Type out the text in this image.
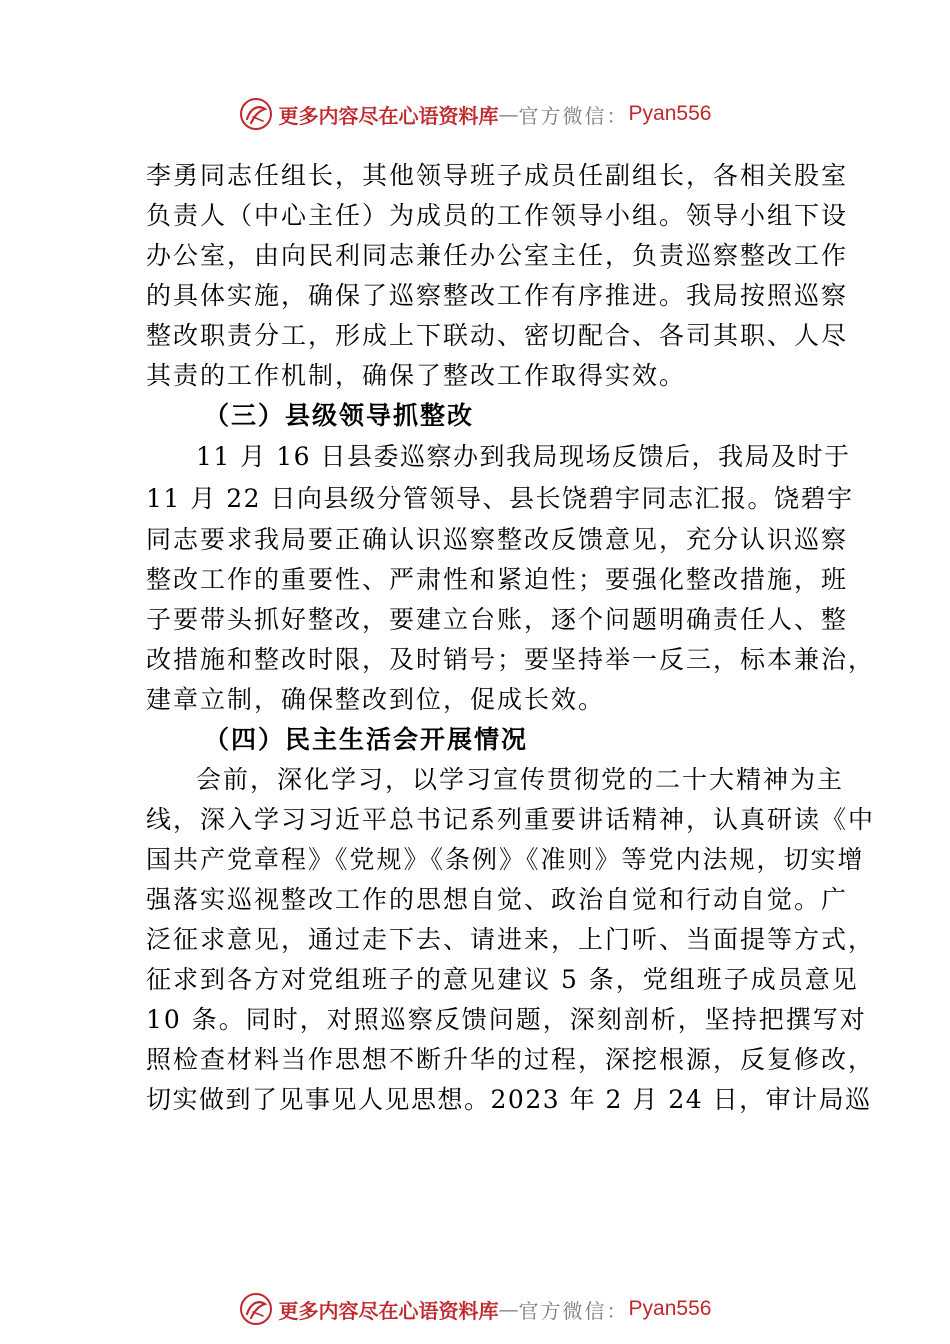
更多内容尽在心语资料库 — 官方微信： Pyan556
李勇同志任组长，其他领导班子成员任副组长，各相关股室
负责人（中心主任）为成员的工作领导小组。领导小组下设
办公室，由向民利同志兼任办公室主任，负责巡察整改工作
的具体实施，确保了巡察整改工作有序推进。我局按照巡察
整改职责分工，形成上下联动、密切配合、各司其职、人尽
其责的工作机制，确保了整改工作取得实效。
（三）县级领导抓整改
11 月 16 日县委巡察办到我局现场反馈后，我局及时于
11 月 22 日向县级分管领导、县长饶碧宇同志汇报。饶碧宇
同志要求我局要正确认识巡察整改反馈意见，充分认识巡察
整改工作的重要性、严肃性和紧迫性；要强化整改措施，班
子要带头抓好整改，要建立台账，逐个问题明确责任人、整
改措施和整改时限，及时销号；要坚持举一反三，标本兼治，
建章立制，确保整改到位，促成长效。
（四）民主生活会开展情况
会前，深化学习，以学习宣传贯彻党的二十大精神为主
线，深入学习习近平总书记系列重要讲话精神，认真研读《中
国共产党章程》《党规》《条例》《准则》等党内法规，切实增
强落实巡视整改工作的思想自觉、政治自觉和行动自觉。广
泛征求意见，通过走下去、请进来，上门听、当面提等方式，
征求到各方对党组班子的意见建议 5 条，党组班子成员意见
10 条。同时，对照巡察反馈问题，深刻剖析，坚持把撰写对
照检查材料当作思想不断升华的过程，深挖根源，反复修改，
切实做到了见事见人见思想。2023 年 2 月 24 日，审计局巡
更多内容尽在心语资料库 — 官方微信： Pyan556
